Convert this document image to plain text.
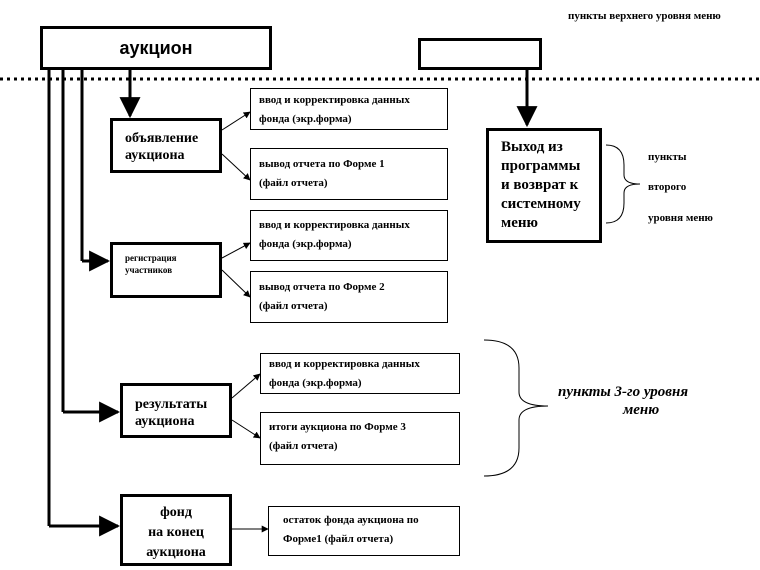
пункты верхнего уровня меню
аукцион
Выход из
программы
и возврат к
системному
меню
пункты
второго
уровня меню
пункты 3-го уровня
меню
объявление
аукциона
регистрация
участников
результаты
аукциона
фонд
на конец
аукциона
ввод и корректировка данных
фонда (экр.форма)
вывод отчета по Форме 1
(файл отчета)
ввод и корректировка данных
фонда (экр.форма)
вывод отчета по Форме 2
(файл отчета)
ввод и корректировка данных
фонда (экр.форма)
итоги аукциона по Форме 3
(файл отчета)
остаток фонда аукциона по
Форме1 (файл отчета)
